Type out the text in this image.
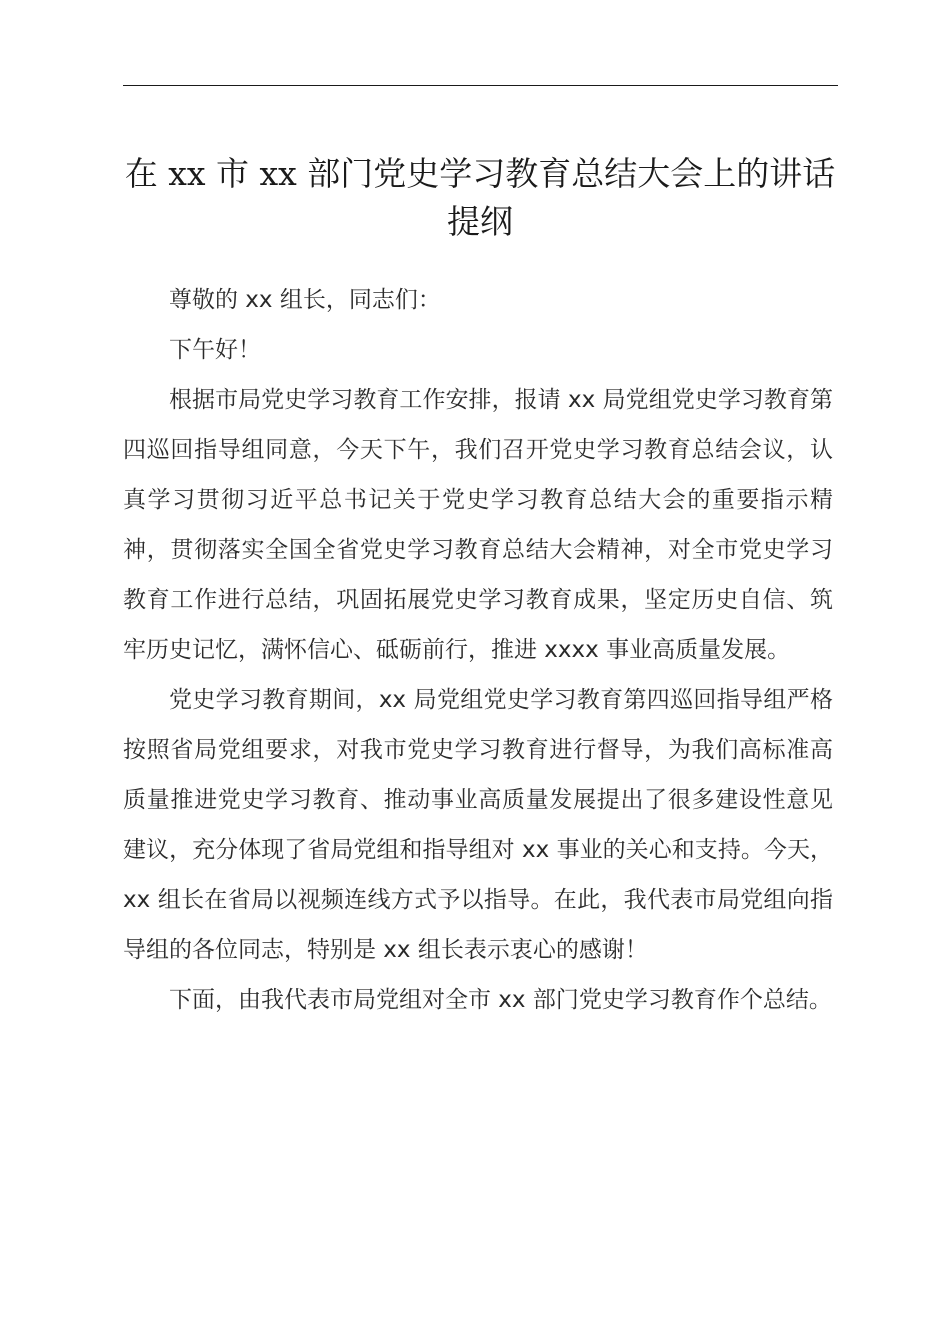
在 xx 市 xx 部门党史学习教育总结大会上的讲话提纲

尊敬的 xx 组长，同志们：

下午好！

根据市局党史学习教育工作安排，报请 xx 局党组党史学习教育第四巡回指导组同意，今天下午，我们召开党史学习教育总结会议，认真学习贯彻习近平总书记关于党史学习教育总结大会的重要指示精神，贯彻落实全国全省党史学习教育总结大会精神，对全市党史学习教育工作进行总结，巩固拓展党史学习教育成果，坚定历史自信、筑牢历史记忆，满怀信心、砥砺前行，推进 xxxx 事业高质量发展。

党史学习教育期间，xx 局党组党史学习教育第四巡回指导组严格按照省局党组要求，对我市党史学习教育进行督导，为我们高标准高质量推进党史学习教育、推动事业高质量发展提出了很多建设性意见建议，充分体现了省局党组和指导组对 xx 事业的关心和支持。今天，xx 组长在省局以视频连线方式予以指导。在此，我代表市局党组向指导组的各位同志，特别是 xx 组长表示衷心的感谢！

下面，由我代表市局党组对全市 xx 部门党史学习教育作个总结。
